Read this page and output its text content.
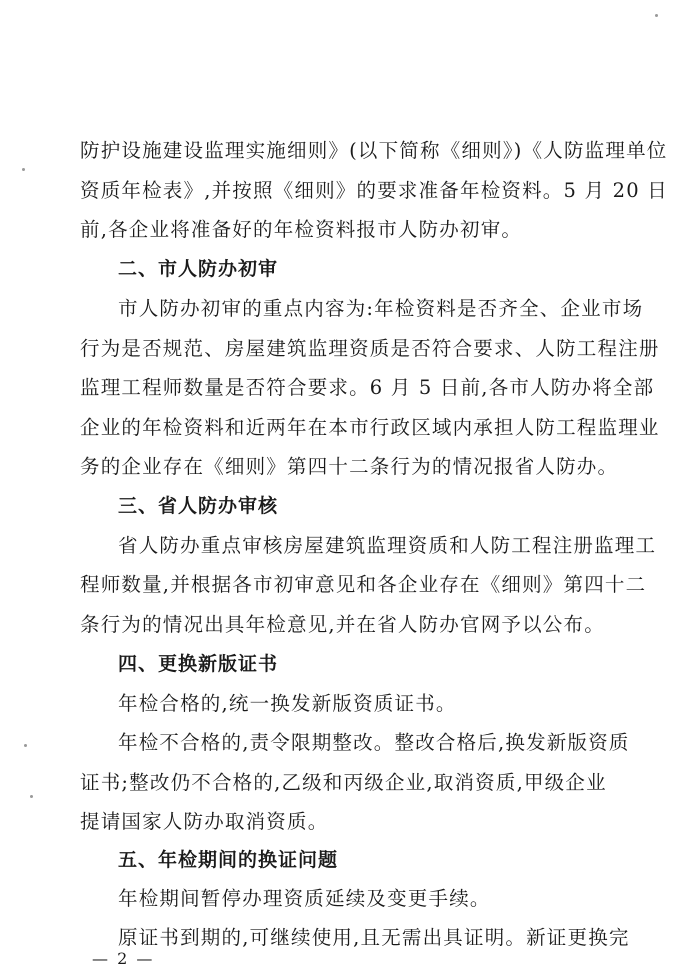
防护设施建设监理实施细则》(以下简称《细则》)《人防监理单位
资质年检表》,并按照《细则》的要求准备年检资料。5 月 20 日
前,各企业将准备好的年检资料报市人防办初审。
二、市人防办初审
市人防办初审的重点内容为:年检资料是否齐全、企业市场
行为是否规范、房屋建筑监理资质是否符合要求、人防工程注册
监理工程师数量是否符合要求。6 月 5 日前,各市人防办将全部
企业的年检资料和近两年在本市行政区域内承担人防工程监理业
务的企业存在《细则》第四十二条行为的情况报省人防办。
三、省人防办审核
省人防办重点审核房屋建筑监理资质和人防工程注册监理工
程师数量,并根据各市初审意见和各企业存在《细则》第四十二
条行为的情况出具年检意见,并在省人防办官网予以公布。
四、更换新版证书
年检合格的,统一换发新版资质证书。
年检不合格的,责令限期整改。整改合格后,换发新版资质
证书;整改仍不合格的,乙级和丙级企业,取消资质,甲级企业
提请国家人防办取消资质。
五、年检期间的换证问题
年检期间暂停办理资质延续及变更手续。
原证书到期的,可继续使用,且无需出具证明。新证更换完
— 2 —
